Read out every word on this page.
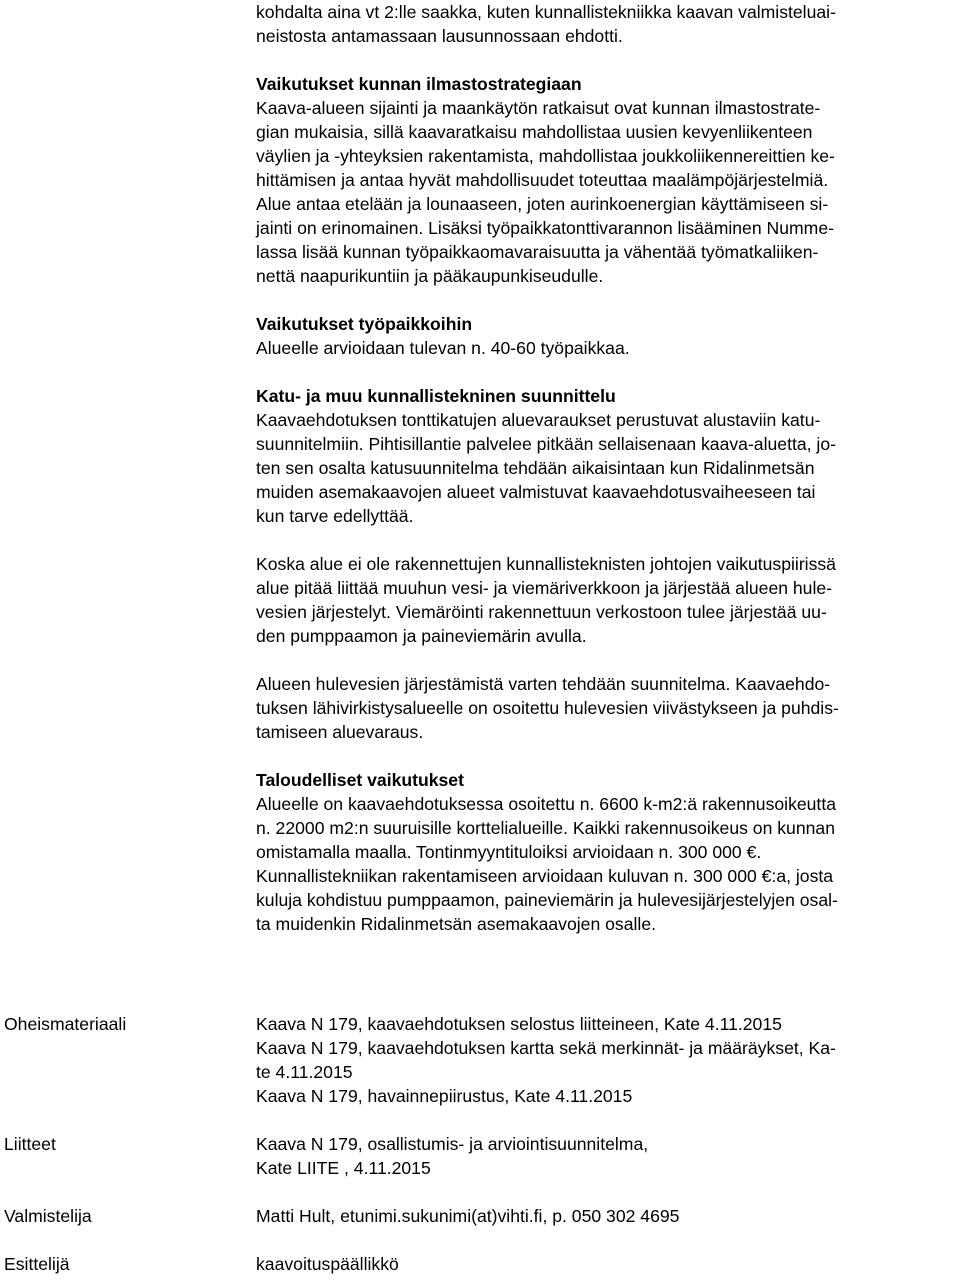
kohdalta aina vt 2:lle saakka, kuten kunnallistekniikka kaavan valmisteluai-
neistosta antamassaan lausunnossaan ehdotti.
Vaikutukset kunnan ilmastostrategiaan
Kaava-alueen sijainti ja maankäytön ratkaisut ovat kunnan ilmastostrate-
gian mukaisia, sillä kaavaratkaisu mahdollistaa uusien kevyenliikenteen
väylien ja -yhteyksien rakentamista, mahdollistaa joukkoliikennereittien ke-
hittämisen ja antaa hyvät mahdollisuudet toteuttaa maalämpöjärjestelmiä.
Alue antaa etelään ja lounaaseen, joten aurinkoenergian käyttämiseen si-
jainti on erinomainen. Lisäksi työpaikkatonttivarannon lisääminen Numme-
lassa lisää kunnan työpaikkaomavaraisuutta ja vähentää työmatkaliiken-
nettä naapurikuntiin ja pääkaupunkiseudulle.
Vaikutukset työpaikkoihin
Alueelle arvioidaan tulevan n. 40-60 työpaikkaa.
Katu- ja muu kunnallistekninen suunnittelu
Kaavaehdotuksen tonttikatujen aluevaraukset perustuvat alustaviin katu-
suunnitelmiin. Pihtisillantie palvelee pitkään sellaisenaan kaava-aluetta, jo-
ten sen osalta katusuunnitelma tehdään aikaisintaan kun Ridalinmetsän
muiden asemakaavojen alueet valmistuvat kaavaehdotusvaiheeseen tai
kun tarve edellyttää.
Koska alue ei ole rakennettujen kunnallisteknisten johtojen vaikutuspiirissä
alue pitää liittää muuhun vesi- ja viemäriverkkoon ja järjestää alueen hule-
vesien järjestelyt. Viemäröinti rakennettuun verkostoon tulee järjestää uu-
den pumppaamon ja paineviemärin avulla.
Alueen hulevesien järjestämistä varten tehdään suunnitelma. Kaavaehdo-
tuksen lähivirkistysalueelle on osoitettu hulevesien viivästykseen ja puhdis-
tamiseen aluevaraus.
Taloudelliset vaikutukset
Alueelle on kaavaehdotuksessa osoitettu n. 6600 k-m2:ä rakennusoikeutta
n. 22000 m2:n suuruisille korttelialueille. Kaikki rakennusoikeus on kunnan
omistamalla maalla. Tontinmyyntituloiksi arvioidaan n. 300 000 €.
Kunnallistekniikan rakentamiseen arvioidaan kuluvan n. 300 000 €:a, josta
kuluja kohdistuu pumppaamon, paineviemärin ja hulevesijärjestelyjen osal-
ta muidenkin Ridalinmetsän asemakaavojen osalle.
Oheismateriaali	Kaava N 179, kaavaehdotuksen selostus liitteineen, Kate 4.11.2015
Kaava N 179, kaavaehdotuksen kartta sekä merkinnät- ja määräykset, Ka-
te 4.11.2015
Kaava N 179, havainnepiirustus, Kate 4.11.2015
Liitteet	Kaava N 179, osallistumis- ja arviointisuunnitelma,
Kate LIITE , 4.11.2015
Valmistelija	Matti Hult, etunimi.sukunimi(at)vihti.fi, p. 050 302 4695
Esittelijä	kaavoituspäällikkö
